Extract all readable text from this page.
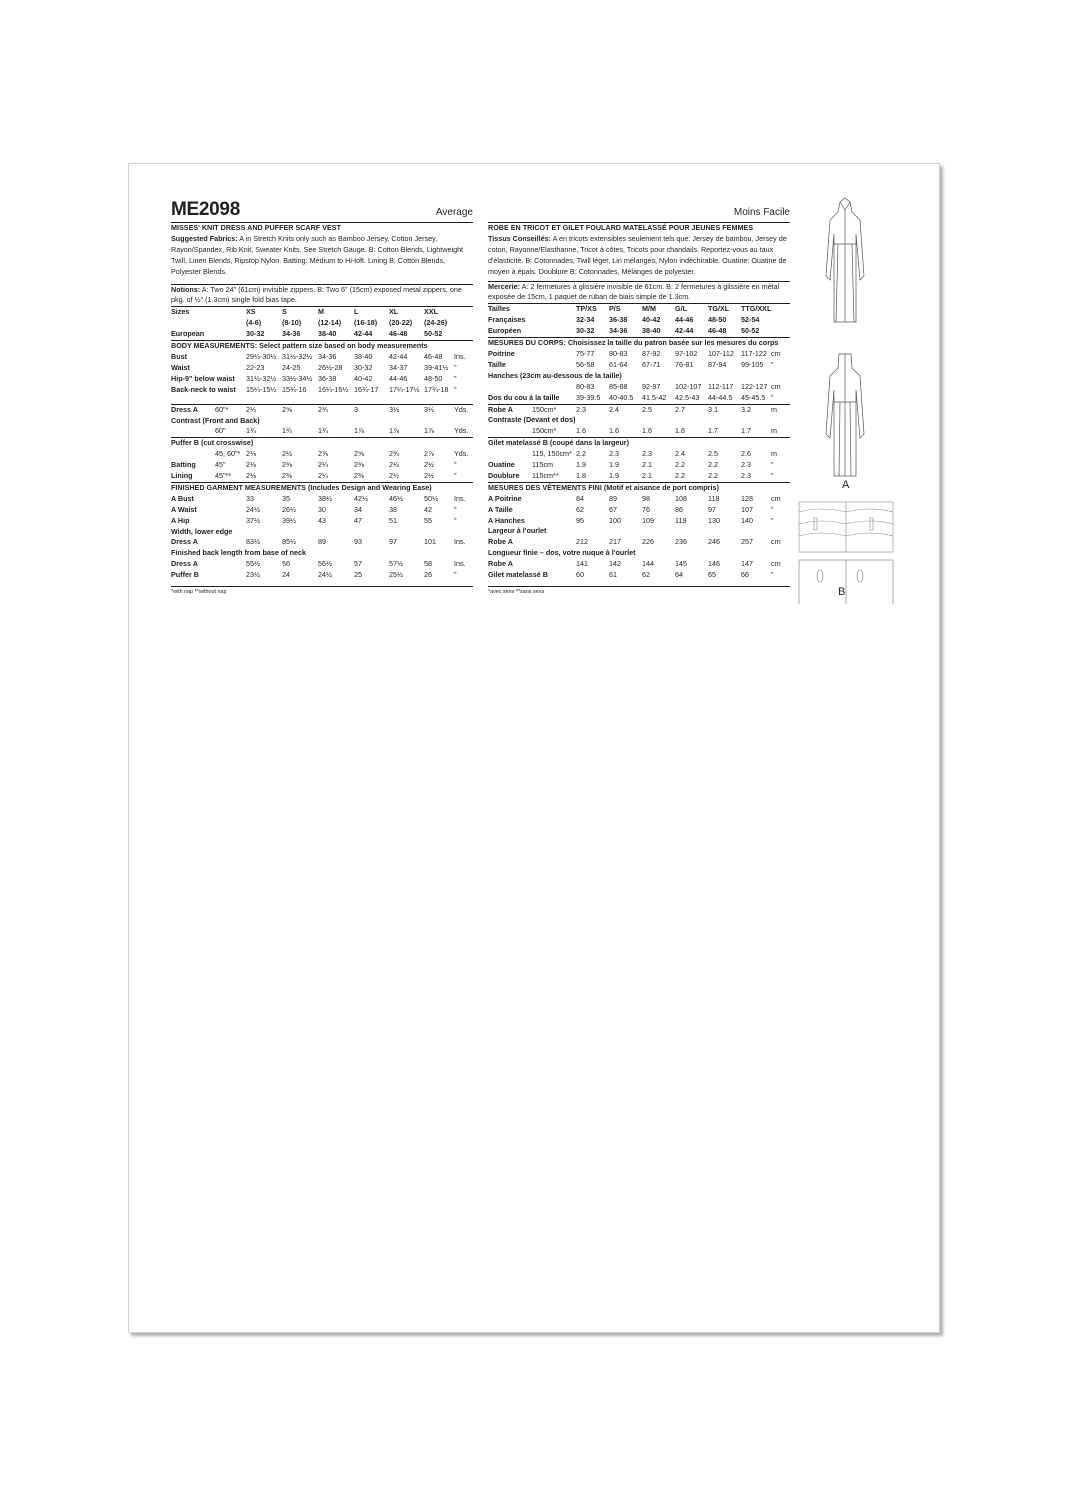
ME2098	Average
MISSES' KNIT DRESS AND PUFFER SCARF VEST

Suggested Fabrics: A in Stretch Knits only such as Bamboo Jersey, Cotton Jersey, Rayon/Spandex, Rib Knit, Sweater Knits. See Stretch Gauge. B: Cotton Blends, Lightweight Twill, Linen Blends, Ripstop Nylon. Batting: Medium to Hi-loft. Lining B: Cotton Blends, Polyester Blends.

Notions: A: Two 24" (61cm) invisible zippers. B: Two 6" (15cm) exposed metal zippers, one pkg. of ½" (1.3cm) single fold bias tape.

Sizes		XS	S	M	L	XL	XXL	
		(4-6)	(8-10)	(12-14)	(16-18)	(20-22)	(24-26)	
European		30-32	34-36	38-40	42-44	46-48	50-52	
BODY MEASUREMENTS: Select pattern size based on body measurements								
Bust		29½-30½	31½-32½	34-36	38-40	42-44	46-48	Ins.
Waist		22-23	24-25	26½-28	30-32	34-37	39-41½	"
Hip-9" below waist		31½-32½	33½-34½	36-38	40-42	44-46	48-50	"
Back-neck to waist		15¼-15½	15¾-16	16¼-16½	16¾-17	17¼-17½	17¾-18	"

Dress A	60"*	2½	2⅝	2¾	3	3⅛	3½	Yds.
Contrast (Front and Back)								
	60"	1¾	1¾	1¾	1⅞	1⅞	1⅞	Yds.
Puffer B (cut crosswise)								
	45, 60"*	2⅛	2½	2⅝	2⅝	2¾	2⅞	Yds.
Batting	45"	2⅛	2⅜	2¼	2⅜	2½	2½	"
Lining	45"**	2⅛	2⅜	2¼	2⅜	2½	2½	"
FINISHED GARMENT MEASUREMENTS (Includes Design and Wearing Ease)								
A Bust		33	35	38½	42½	46½	50½	Ins.
A Waist		24½	26½	30	34	38	42	"
A Hip		37½	39½	43	47	51	55	"
Width, lower edge								
Dress A		83½	85½	89	93	97	101	Ins.
Finished back length from base of neck								
Dress A		55½	56	56½	57	57½	58	Ins.
Puffer B		23½	24	24½	25	25½	26	"
*with nap **without nap
Moins Facile
ROBE EN TRICOT ET GILET FOULARD MATELASSÉ POUR JEUNES FEMMES

Tissus Conseillés: A en tricots extensibles seulement tels que: Jersey de bambou, Jersey de coton, Rayonne/Elasthanne, Tricot à côtes, Tricots pour chandails. Reportez-vous au taux d'élasticité. B: Cotonnades, Twill léger, Lin mélangés, Nylon indéchirable. Ouatine: Ouatine de moyen à épais. Doublure B: Cotonnades, Mélanges de polyester.

Mercerie: A: 2 fermetures à glissière invisible de 61cm. B: 2 fermetures à glissière en métal exposée de 15cm, 1 paquet de ruban de biais simple de 1.3cm.

Tailles		TP/XS	P/S	M/M	G/L	TG/XL	TTG/XXL	
Françaises		32-34	36-38	40-42	44-46	48-50	52-54	
Européen		30-32	34-36	38-40	42-44	46-48	50-52	
MESURES DU CORPS: Choisissez la taille du patron basée sur les mesures du corps								
Poitrine		75-77	80-83	87-92	97-102	107-112	117-122	cm
Taille		56-58	61-64	67-71	76-81	87-94	99-105	"
Hanches (23cm au-dessous de la taille)								
		80-83	85-88	92-97	102-107	112-117	122-127	cm
Dos du cou à la taille		39-39.5	40-40.5	41.5-42	42.5-43	44-44.5	45-45.5	"
Robe A	150cm*	2.3	2.4	2.5	2.7	3.1	3.2	m
Contraste (Devant et dos)								
	150cm*	1.6	1.6	1.6	1.6	1.7	1.7	m
Gilet matelassé B (coupé dans la largeur)								
	115, 150cm*	2.2	2.3	2.3	2.4	2.5	2.6	m
Ouatine	115cm	1.9	1.9	2.1	2.2	2.2	2.3	"
Doublure	115cm**	1.8	1.9	2.1	2.2	2.2	2.3	"
MESURES DES VÊTEMENTS FINI (Motif et aisance de port compris)								
A Poitrine		84	89	98	108	118	128	cm
A Taille		62	67	76	86	97	107	"
A Hanches		95	100	109	119	130	140	"
Largeur à l'ourlet								
Robe A		212	217	226	236	246	257	cm
Longueur finie – dos, votre nuque à l'ourlet								
Robe A		141	142	144	145	146	147	cm
Gilet matelassé B		60	61	62	64	65	66	"
*avec sens **sans sens
A
B
